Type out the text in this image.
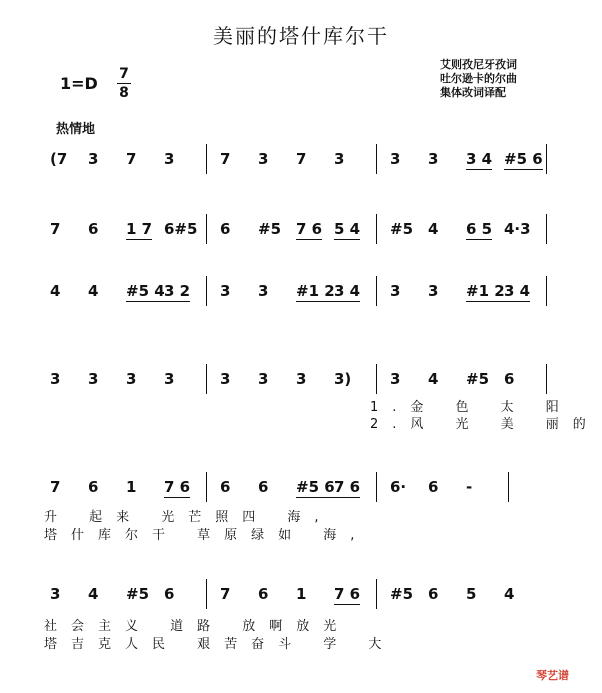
美丽的塔什库尔干
1=D 7
8
艾则孜尼牙孜词
吐尔逊卡的尔曲
集体改词译配
热情地
(7 3 7 3	7 3 7 3	3 3 3 4 #5 6
7 6 1 7 6#5 6 #5 7 6 5 4 #5 4 6 5 4·3
4 4 #5 4 3 2 3 3 #1 2 3 4 3 3 #1 2 3 4
3 3 3 3	3 3 3 3)	3 4 #5 6
7 6 1 7 6 6 6 #5 6 7 6 6· 6 -
3 4 #5 6	7 6 1 7 6 #5 6 5 4
1.金 色 太 阳
2.风 光 美 丽的
升 起来 光芒照四 海,
塔什库尔干 草原绿如 海,
社会主义 道路 放啊放光
塔吉克人民 艰苦奋斗 学 大
琴艺谱
